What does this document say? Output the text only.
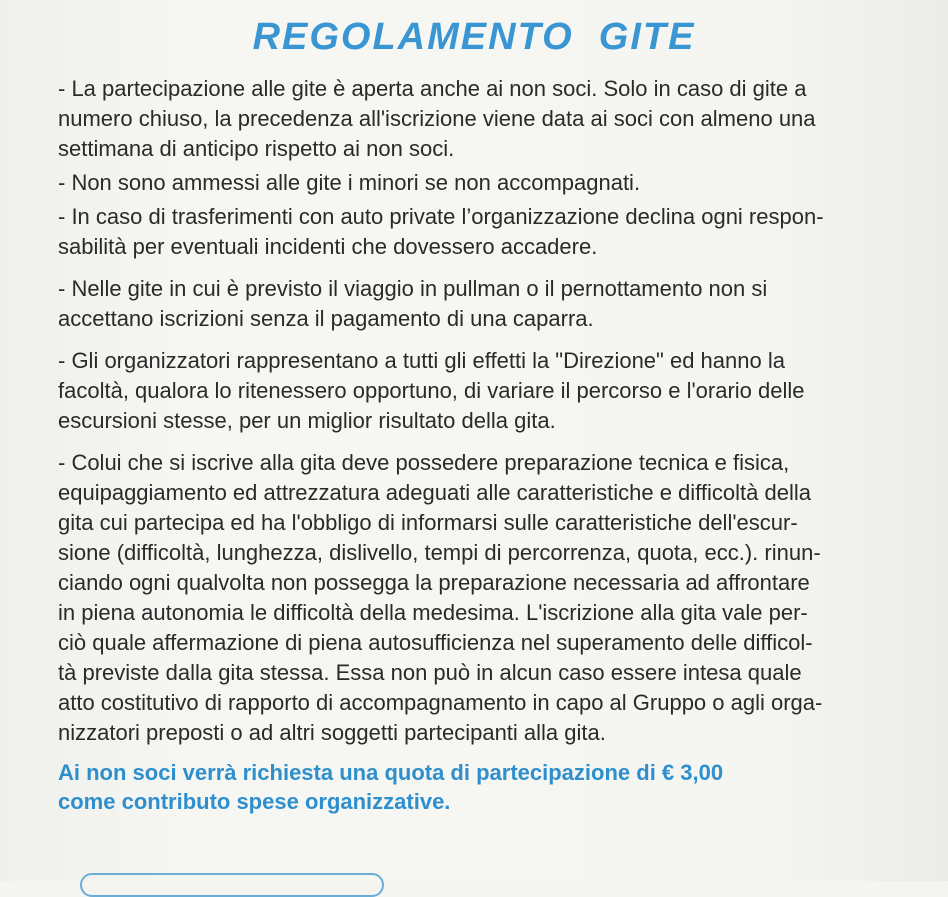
REGOLAMENTO  GITE
- La partecipazione alle gite è aperta anche ai non soci. Solo in caso di gite a
numero chiuso, la precedenza all'iscrizione viene data ai soci con almeno una
settimana di anticipo rispetto ai non soci.
- Non sono ammessi alle gite i minori se non accompagnati.
- In caso di trasferimenti con auto private l’organizzazione declina ogni respon-
sabilità per eventuali incidenti che dovessero accadere.
- Nelle gite in cui è previsto il viaggio in pullman o il pernottamento non si
accettano iscrizioni senza il pagamento di una caparra.
- Gli organizzatori rappresentano a tutti gli effetti la "Direzione" ed hanno la
facoltà, qualora lo ritenessero opportuno, di variare il percorso e l'orario delle
escursioni stesse, per un miglior risultato della gita.
- Colui che si iscrive alla gita deve possedere preparazione tecnica e fisica,
equipaggiamento ed attrezzatura adeguati alle caratteristiche e difficoltà della
gita cui partecipa ed ha l'obbligo di informarsi sulle caratteristiche dell'escur-
sione (difficoltà, lunghezza, dislivello, tempi di percorrenza, quota, ecc.). rinun-
ciando ogni qualvolta non possegga la preparazione necessaria ad affrontare
in piena autonomia le difficoltà della medesima. L'iscrizione alla gita vale per-
ciò quale affermazione di piena autosufficienza nel superamento delle difficol-
tà previste dalla gita stessa. Essa non può in alcun caso essere intesa quale
atto costitutivo di rapporto di accompagnamento in capo al Gruppo o agli orga-
nizzatori preposti o ad altri soggetti partecipanti alla gita.
Ai non soci verrà richiesta una quota di partecipazione di € 3,00
come contributo spese organizzative.
